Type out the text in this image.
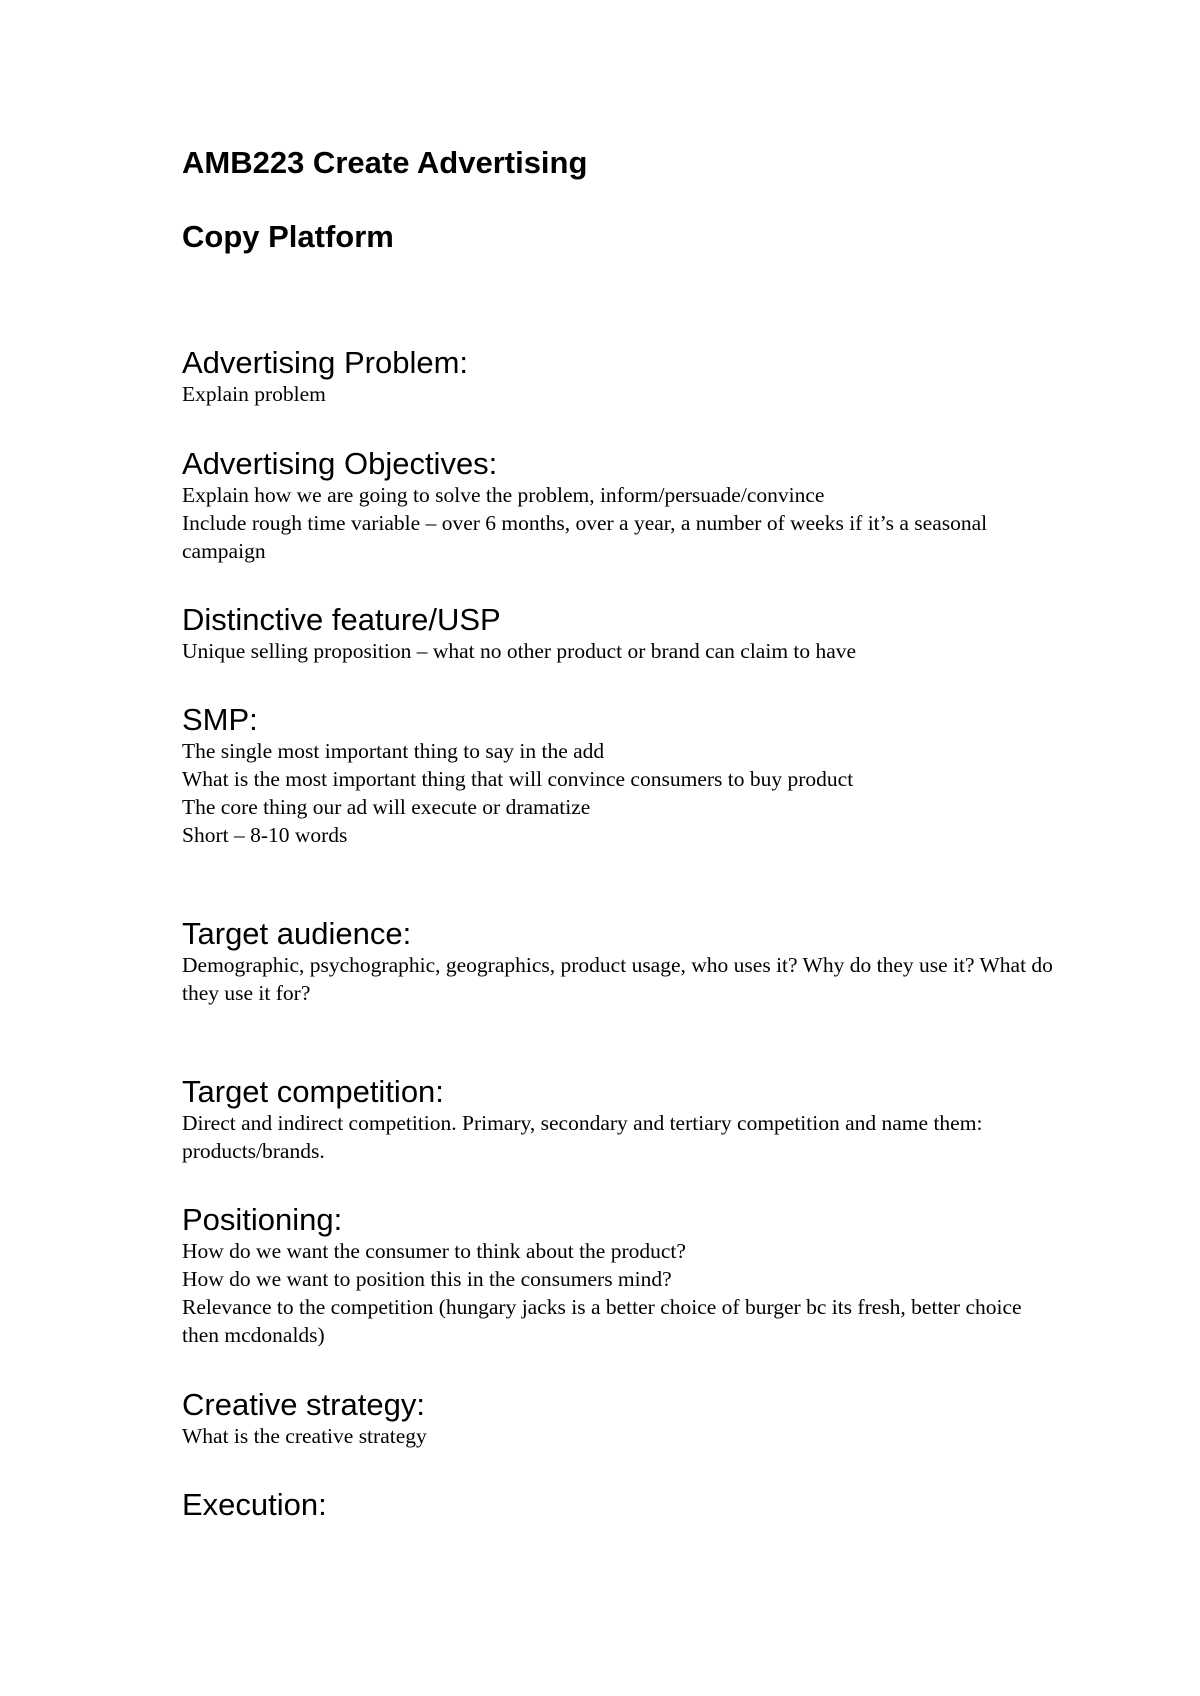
AMB223 Create Advertising
Copy Platform
Advertising Problem:
Explain problem
Advertising Objectives:
Explain how we are going to solve the problem, inform/persuade/convince
Include rough time variable – over 6 months, over a year, a number of weeks if it’s a seasonal campaign
Distinctive feature/USP
Unique selling proposition – what no other product or brand can claim to have
SMP:
The single most important thing to say in the add
What is the most important thing that will convince consumers to buy product
The core thing our ad will execute or dramatize
Short – 8-10 words
Target audience:
Demographic, psychographic, geographics, product usage, who uses it? Why do they use it? What do they use it for?
Target competition:
Direct and indirect competition. Primary, secondary and tertiary competition and name them: products/brands.
Positioning:
How do we want the consumer to think about the product?
How do we want to position this in the consumers mind?
Relevance to the competition (hungary jacks is a better choice of burger bc its fresh, better choice then mcdonalds)
Creative strategy:
What is the creative strategy
Execution:
